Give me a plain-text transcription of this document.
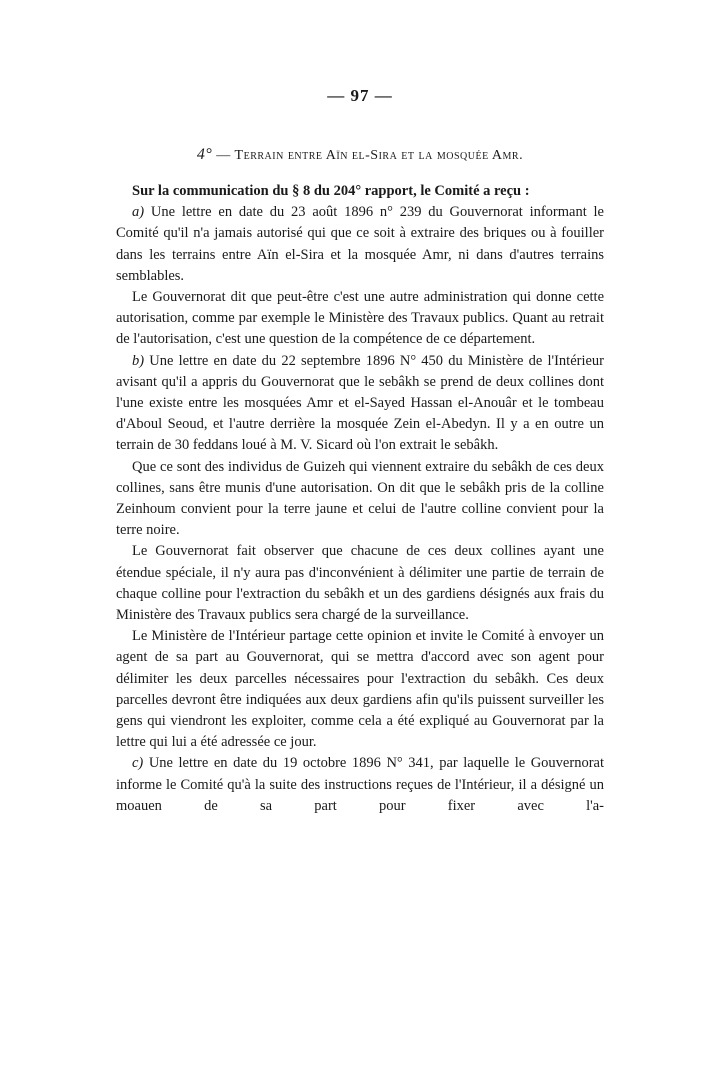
— 97 —
4° — Terrain entre Aïn el-Sira et la mosquée Amr.

Sur la communication du § 8 du 204° rapport, le Comité a reçu :

a) Une lettre en date du 23 août 1896 n° 239 du Gouvernorat informant le Comité qu'il n'a jamais autorisé qui que ce soit à extraire des briques ou à fouiller dans les terrains entre Aïn el-Sira et la mosquée Amr, ni dans d'autres terrains semblables.

Le Gouvernorat dit que peut-être c'est une autre administration qui donne cette autorisation, comme par exemple le Ministère des Travaux publics. Quant au retrait de l'autorisation, c'est une question de la compétence de ce département.

b) Une lettre en date du 22 septembre 1896 N° 450 du Ministère de l'Intérieur avisant qu'il a appris du Gouvernorat que le sebâkh se prend de deux collines dont l'une existe entre les mosquées Amr et el-Sayed Hassan el-Anouâr et le tombeau d'Aboul Seoud, et l'autre derrière la mosquée Zein el-Abedyn. Il y a en outre un terrain de 30 feddans loué à M. V. Sicard où l'on extrait le sebâkh.

Que ce sont des individus de Guizeh qui viennent extraire du sebâkh de ces deux collines, sans être munis d'une autorisation. On dit que le sebâkh pris de la colline Zeinhoum convient pour la terre jaune et celui de l'autre colline convient pour la terre noire.

Le Gouvernorat fait observer que chacune de ces deux collines ayant une étendue spéciale, il n'y aura pas d'inconvénient à délimiter une partie de terrain de chaque colline pour l'extraction du sebâkh et un des gardiens désignés aux frais du Ministère des Travaux publics sera chargé de la surveillance.

Le Ministère de l'Intérieur partage cette opinion et invite le Comité à envoyer un agent de sa part au Gouvernorat, qui se mettra d'accord avec son agent pour délimiter les deux parcelles nécessaires pour l'extraction du sebâkh. Ces deux parcelles devront être indiquées aux deux gardiens afin qu'ils puissent surveiller les gens qui viendront les exploiter, comme cela a été expliqué au Gouvernorat par la lettre qui lui a été adressée ce jour.

c) Une lettre en date du 19 octobre 1896 N° 341, par laquelle le Gouvernorat informe le Comité qu'à la suite des instructions reçues de l'Intérieur, il a désigné un moauen de sa part pour fixer avec l'a-
